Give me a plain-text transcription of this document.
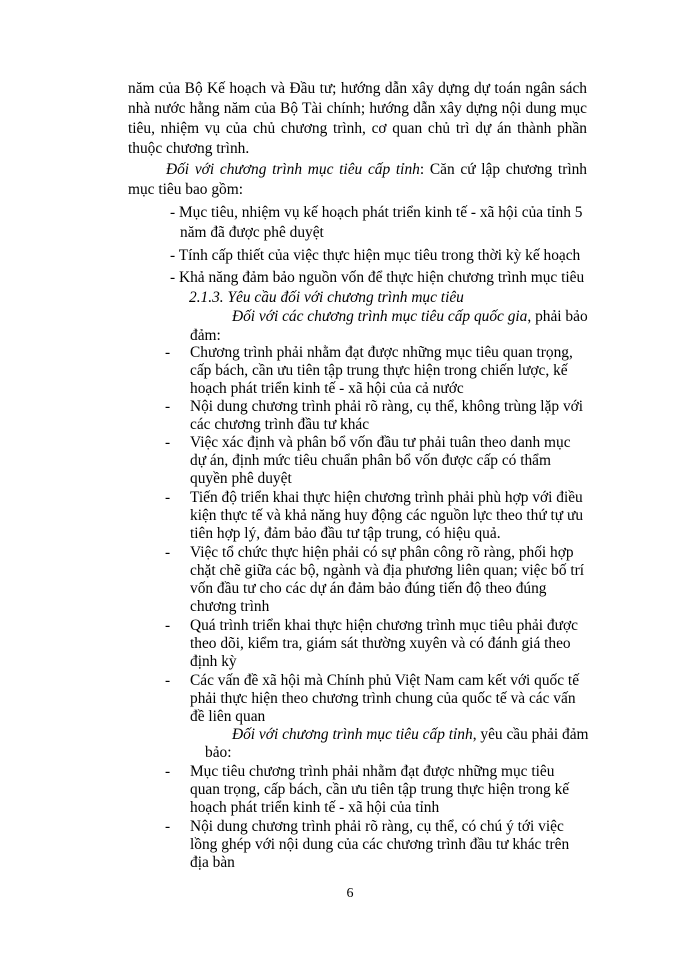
năm của Bộ Kế hoạch và Đầu tư; hướng dẫn xây dựng dự toán ngân sách
nhà nước hằng năm của Bộ Tài chính; hướng dẫn xây dựng nội dung mục
tiêu, nhiệm vụ của chủ chương trình, cơ quan chủ trì dự án thành phần
thuộc chương trình.
Đối với chương trình mục tiêu cấp tỉnh: Căn cứ lập chương trình
mục tiêu bao gồm:
- Mục tiêu, nhiệm vụ kế hoạch phát triển kinh tế - xã hội của tỉnh 5
năm đã được phê duyệt
- Tính cấp thiết của việc thực hiện mục tiêu trong thời kỳ kế hoạch
- Khả năng đảm bảo nguồn vốn để thực hiện chương trình mục tiêu
2.1.3. Yêu cầu đối với chương trình mục tiêu
Đối với các chương trình mục tiêu cấp quốc gia, phải bảo
đảm:
- Chương trình phải nhằm đạt được những mục tiêu quan trọng,
cấp bách, cần ưu tiên tập trung thực hiện trong chiến lược, kế
hoạch phát triển kinh tế - xã hội của cả nước
- Nội dung chương trình phải rõ ràng, cụ thể, không trùng lặp với
các chương trình đầu tư khác
- Việc xác định và phân bổ vốn đầu tư phải tuân theo danh mục
dự án, định mức tiêu chuẩn phân bổ vốn được cấp có thẩm
quyền phê duyệt
- Tiến độ triển khai thực hiện chương trình phải phù hợp với điều
kiện thực tế và khả năng huy động các nguồn lực theo thứ tự ưu
tiên hợp lý, đảm bảo đầu tư tập trung, có hiệu quả.
- Việc tổ chức thực hiện phải có sự phân công rõ ràng, phối hợp
chặt chẽ giữa các bộ, ngành và địa phương liên quan; việc bố trí
vốn đầu tư cho các dự án đảm bảo đúng tiến độ theo đúng
chương trình
- Quá trình triển khai thực hiện chương trình mục tiêu phải được
theo dõi, kiểm tra, giám sát thường xuyên và có đánh giá theo
định kỳ
- Các vấn đề xã hội mà Chính phủ Việt Nam cam kết với quốc tế
phải thực hiện theo chương trình chung của quốc tế và các vấn
đề liên quan
Đối với chương trình mục tiêu cấp tỉnh, yêu cầu phải đảm
bảo:
- Mục tiêu chương trình phải nhằm đạt được những mục tiêu
quan trọng, cấp bách, cần ưu tiên tập trung thực hiện trong kế
hoạch phát triển kinh tế - xã hội của tỉnh
- Nội dung chương trình phải rõ ràng, cụ thể, có chú ý tới việc
lồng ghép với nội dung của các chương trình đầu tư khác trên
địa bàn
6
